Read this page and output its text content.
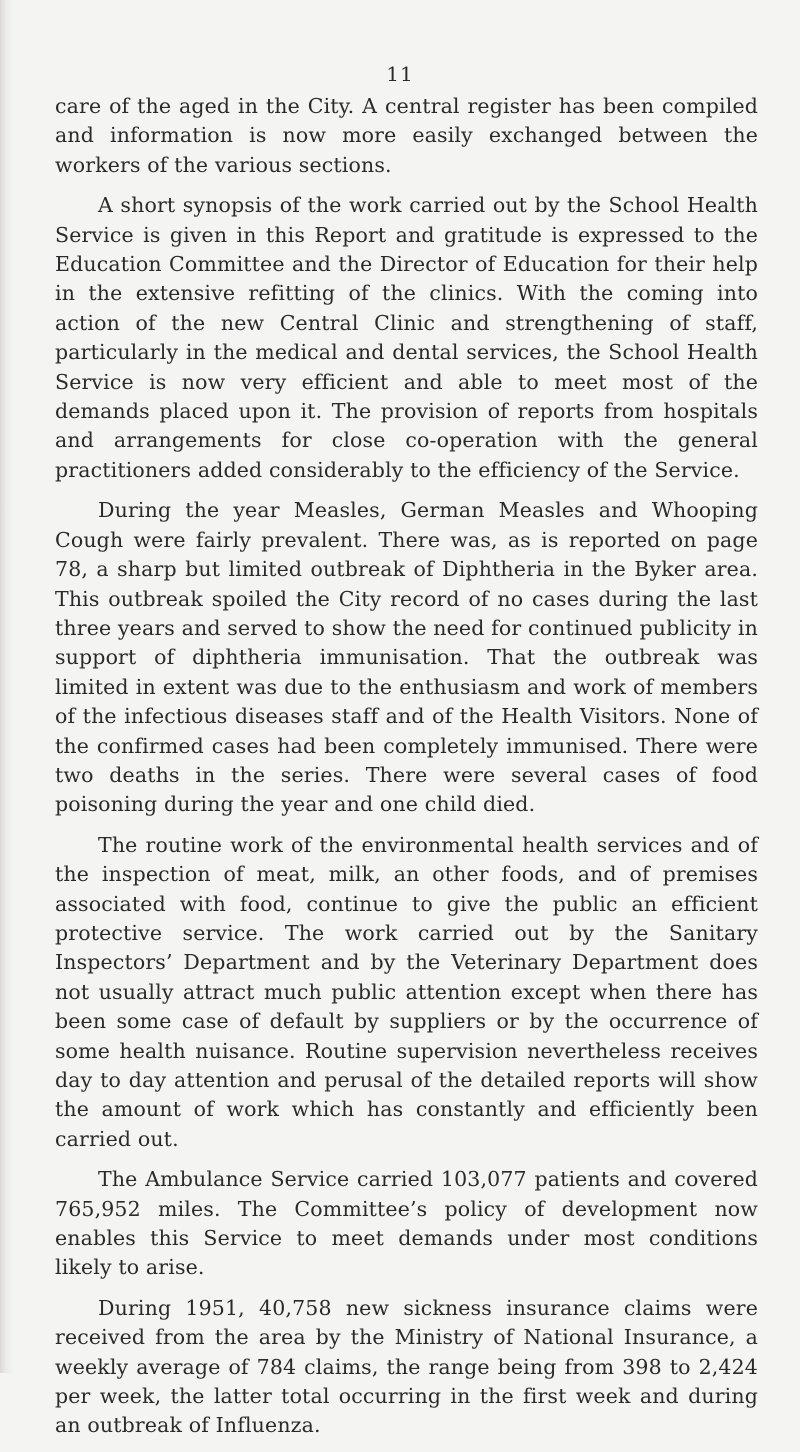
11

care of the aged in the City. A central register has been compiled and information is now more easily exchanged between the workers of the various sections.

A short synopsis of the work carried out by the School Health Service is given in this Report and gratitude is expressed to the Education Committee and the Director of Education for their help in the extensive refitting of the clinics. With the coming into action of the new Central Clinic and strengthening of staff, particularly in the medical and dental services, the School Health Service is now very efficient and able to meet most of the demands placed upon it. The provision of reports from hospitals and arrangements for close co-operation with the general practitioners added considerably to the efficiency of the Service.

During the year Measles, German Measles and Whooping Cough were fairly prevalent. There was, as is reported on page 78, a sharp but limited outbreak of Diphtheria in the Byker area. This outbreak spoiled the City record of no cases during the last three years and served to show the need for continued publicity in support of diphtheria immunisation. That the outbreak was limited in extent was due to the enthusiasm and work of members of the infectious diseases staff and of the Health Visitors. None of the confirmed cases had been completely immunised. There were two deaths in the series. There were several cases of food poisoning during the year and one child died.

The routine work of the environmental health services and of the inspection of meat, milk, an other foods, and of premises associated with food, continue to give the public an efficient protective service. The work carried out by the Sanitary Inspectors’ Department and by the Veterinary Department does not usually attract much public attention except when there has been some case of default by suppliers or by the occurrence of some health nuisance. Routine supervision nevertheless receives day to day attention and perusal of the detailed reports will show the amount of work which has constantly and efficiently been carried out.

The Ambulance Service carried 103,077 patients and covered 765,952 miles. The Committee’s policy of development now enables this Service to meet demands under most conditions likely to arise.

During 1951, 40,758 new sickness insurance claims were received from the area by the Ministry of National Insurance, a weekly average of 784 claims, the range being from 398 to 2,424 per week, the latter total occurring in the first week and during an outbreak of Influenza.
